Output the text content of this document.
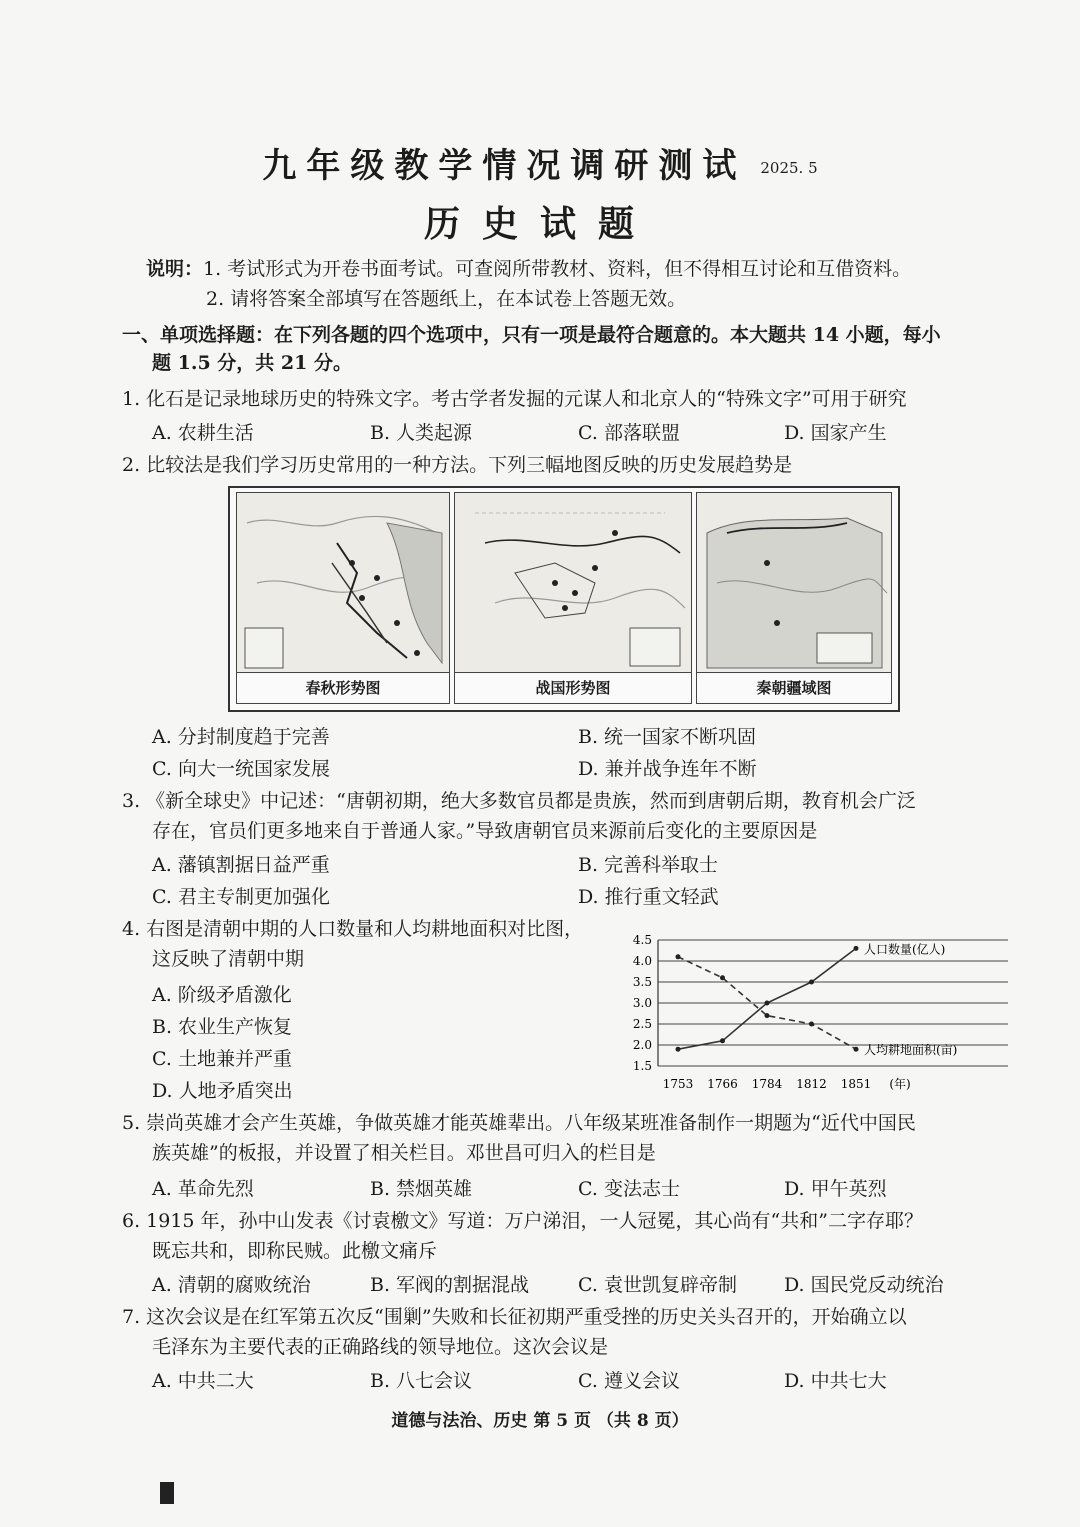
九年级教学情况调研测试 2025. 5
历史试题
说明：1. 考试形式为开卷书面考试。可查阅所带教材、资料，但不得相互讨论和互借资料。
2. 请将答案全部填写在答题纸上，在本试卷上答题无效。
一、单项选择题：在下列各题的四个选项中，只有一项是最符合题意的。本大题共 14 小题，每小
题 1.5 分，共 21 分。
1. 化石是记录地球历史的特殊文字。考古学者发掘的元谋人和北京人的“特殊文字”可用于研究
A. 农耕生活	B. 人类起源	C. 部落联盟	D. 国家产生
2. 比较法是我们学习历史常用的一种方法。下列三幅地图反映的历史发展趋势是
春秋形势图	战国形势图	秦朝疆域图
A. 分封制度趋于完善	B. 统一国家不断巩固
C. 向大一统国家发展	D. 兼并战争连年不断
3. 《新全球史》中记述：“唐朝初期，绝大多数官员都是贵族，然而到唐朝后期，教育机会广泛
存在，官员们更多地来自于普通人家。”导致唐朝官员来源前后变化的主要原因是
A. 藩镇割据日益严重	B. 完善科举取士
C. 君主专制更加强化	D. 推行重文轻武
4. 右图是清朝中期的人口数量和人均耕地面积对比图，
这反映了清朝中期
A. 阶级矛盾激化
B. 农业生产恢复
C. 土地兼并严重
D. 人地矛盾突出
1.5
2.0
2.5
3.0
3.5
4.0
4.5
1753 1766 1784 1812 1851 (年)
人口数量(亿人)
人均耕地面积(亩)
5. 崇尚英雄才会产生英雄，争做英雄才能英雄辈出。八年级某班准备制作一期题为“近代中国民
族英雄”的板报，并设置了相关栏目。邓世昌可归入的栏目是
A. 革命先烈	B. 禁烟英雄	C. 变法志士	D. 甲午英烈
6. 1915 年，孙中山发表《讨袁檄文》写道：万户涕泪，一人冠冕，其心尚有“共和”二字存耶？
既忘共和，即称民贼。此檄文痛斥
A. 清朝的腐败统治	B. 军阀的割据混战	C. 袁世凯复辟帝制 D. 国民党反动统治
7. 这次会议是在红军第五次反“围剿”失败和长征初期严重受挫的历史关头召开的，开始确立以
毛泽东为主要代表的正确路线的领导地位。这次会议是
A. 中共二大	B. 八七会议	C. 遵义会议	D. 中共七大
道德与法治、历史 第 5 页 （共 8 页）
